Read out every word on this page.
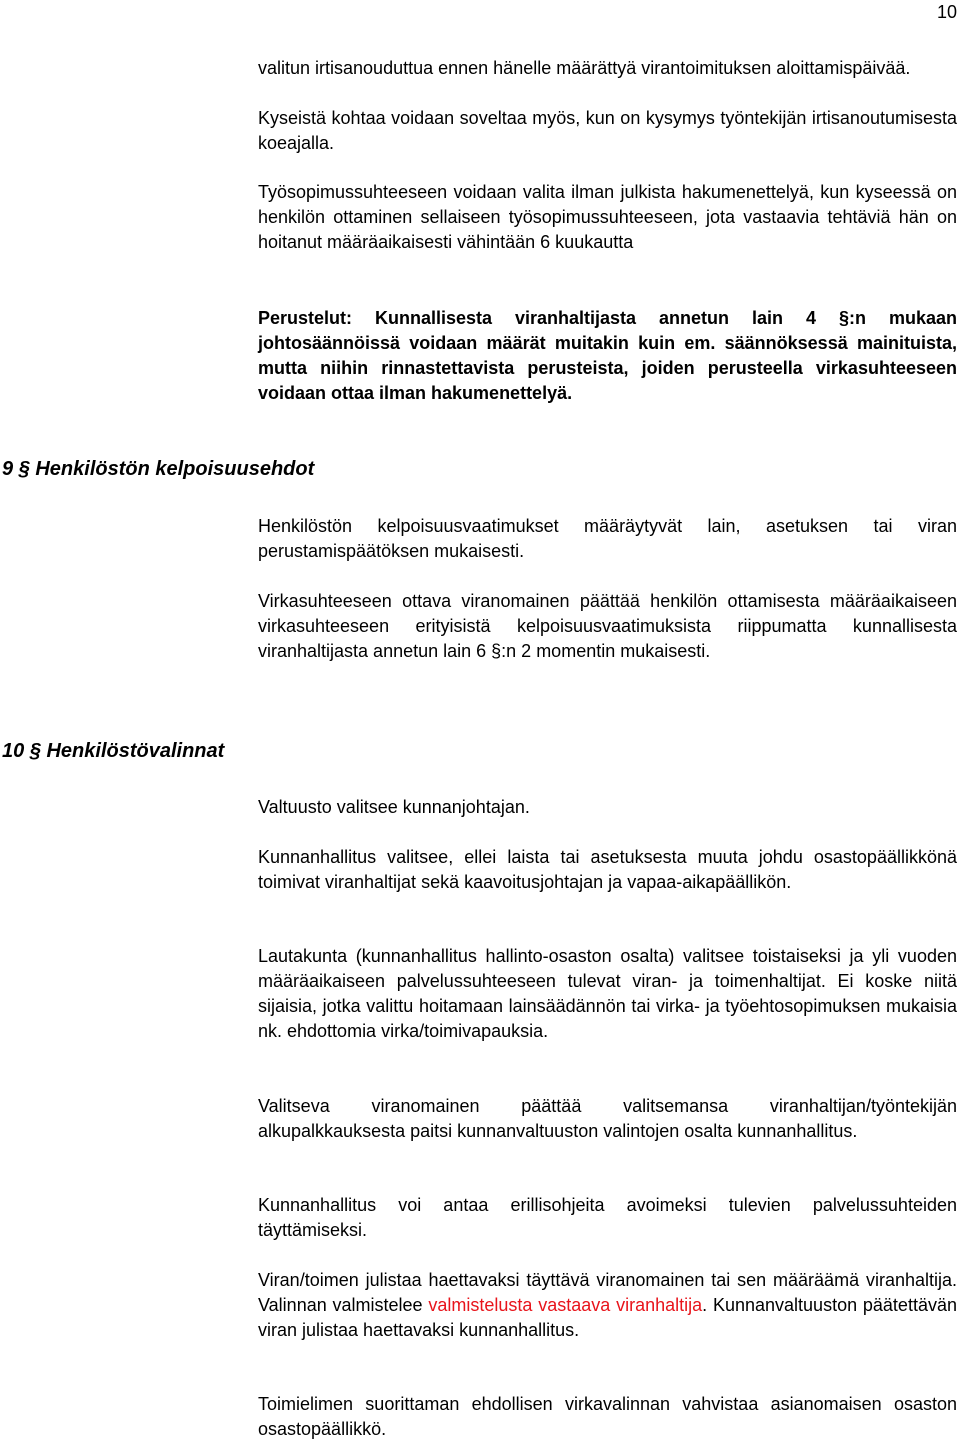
10

valitun irtisanouduttua ennen hänelle määrättyä virantoimituksen aloittamispäivää.

Kyseistä kohtaa voidaan soveltaa myös, kun on kysymys työntekijän irtisanoutumisesta koeajalla.

Työsopimussuhteeseen voidaan valita ilman julkista hakumenettelyä, kun kyseessä on henkilön ottaminen sellaiseen työsopimussuhteeseen, jota vastaavia tehtäviä hän on hoitanut määräaikaisesti vähintään 6 kuukautta

Perustelut: Kunnallisesta viranhaltijasta annetun lain 4 §:n mukaan johtosäännöissä voidaan määrät muitakin kuin em. säännöksessä mainituista, mutta niihin rinnastettavista perusteista, joiden perusteella virkasuhteeseen voidaan ottaa ilman hakumenettelyä.

9 § Henkilöstön kelpoisuusehdot

Henkilöstön kelpoisuusvaatimukset määräytyvät lain, asetuksen tai viran perustamispäätöksen mukaisesti.

Virkasuhteeseen ottava viranomainen päättää henkilön ottamisesta määräaikaiseen virkasuhteeseen erityisistä kelpoisuusvaatimuksista riippumatta kunnallisesta viranhaltijasta annetun lain 6 §:n 2 momentin mukaisesti.

10 § Henkilöstövalinnat

Valtuusto valitsee kunnanjohtajan.

Kunnanhallitus valitsee, ellei laista tai asetuksesta muuta johdu osastopäällikkönä toimivat viranhaltijat sekä kaavoitusjohtajan ja vapaa-aikapäällikön.

Lautakunta (kunnanhallitus hallinto-osaston osalta) valitsee toistaiseksi ja yli vuoden määräaikaiseen palvelussuhteeseen tulevat viran- ja toimenhaltijat. Ei koske niitä sijaisia, jotka valittu hoitamaan lainsäädännön tai virka- ja työehtosopimuksen mukaisia nk. ehdottomia virka/toimivapauksia.

Valitseva viranomainen päättää valitsemansa viranhaltijan/työntekijän alkupalkkauksesta paitsi kunnanvaltuuston valintojen osalta kunnanhallitus.

Kunnanhallitus voi antaa erillisohjeita avoimeksi tulevien palvelussuhteiden täyttämiseksi.

Viran/toimen julistaa haettavaksi täyttävä viranomainen tai sen määräämä viranhaltija. Valinnan valmistelee valmistelusta vastaava viranhaltija. Kunnanvaltuuston päätettävän viran julistaa haettavaksi kunnanhallitus.

Toimielimen suorittaman ehdollisen virkavalinnan vahvistaa asianomaisen osaston osastopäällikkö.
